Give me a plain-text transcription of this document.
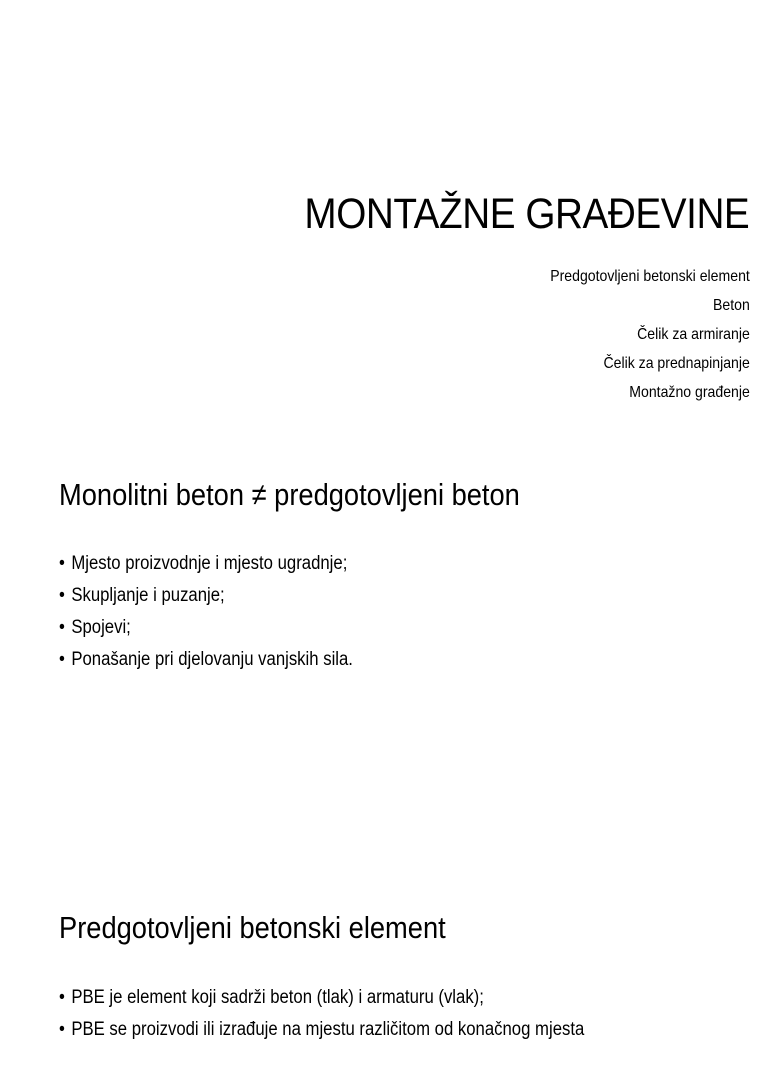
MONTAŽNE GRAĐEVINE
Predgotovljeni betonski element
Beton
Čelik za armiranje
Čelik za prednapinjanje
Montažno građenje
Monolitni beton ≠ predgotovljeni beton
• Mjesto proizvodnje i mjesto ugradnje;
• Skupljanje i puzanje;
• Spojevi;
• Ponašanje pri djelovanju vanjskih sila.
Predgotovljeni betonski element
• PBE je element koji sadrži beton (tlak) i armaturu (vlak);
• PBE se proizvodi ili izrađuje na mjestu različitom od konačnog mjesta
